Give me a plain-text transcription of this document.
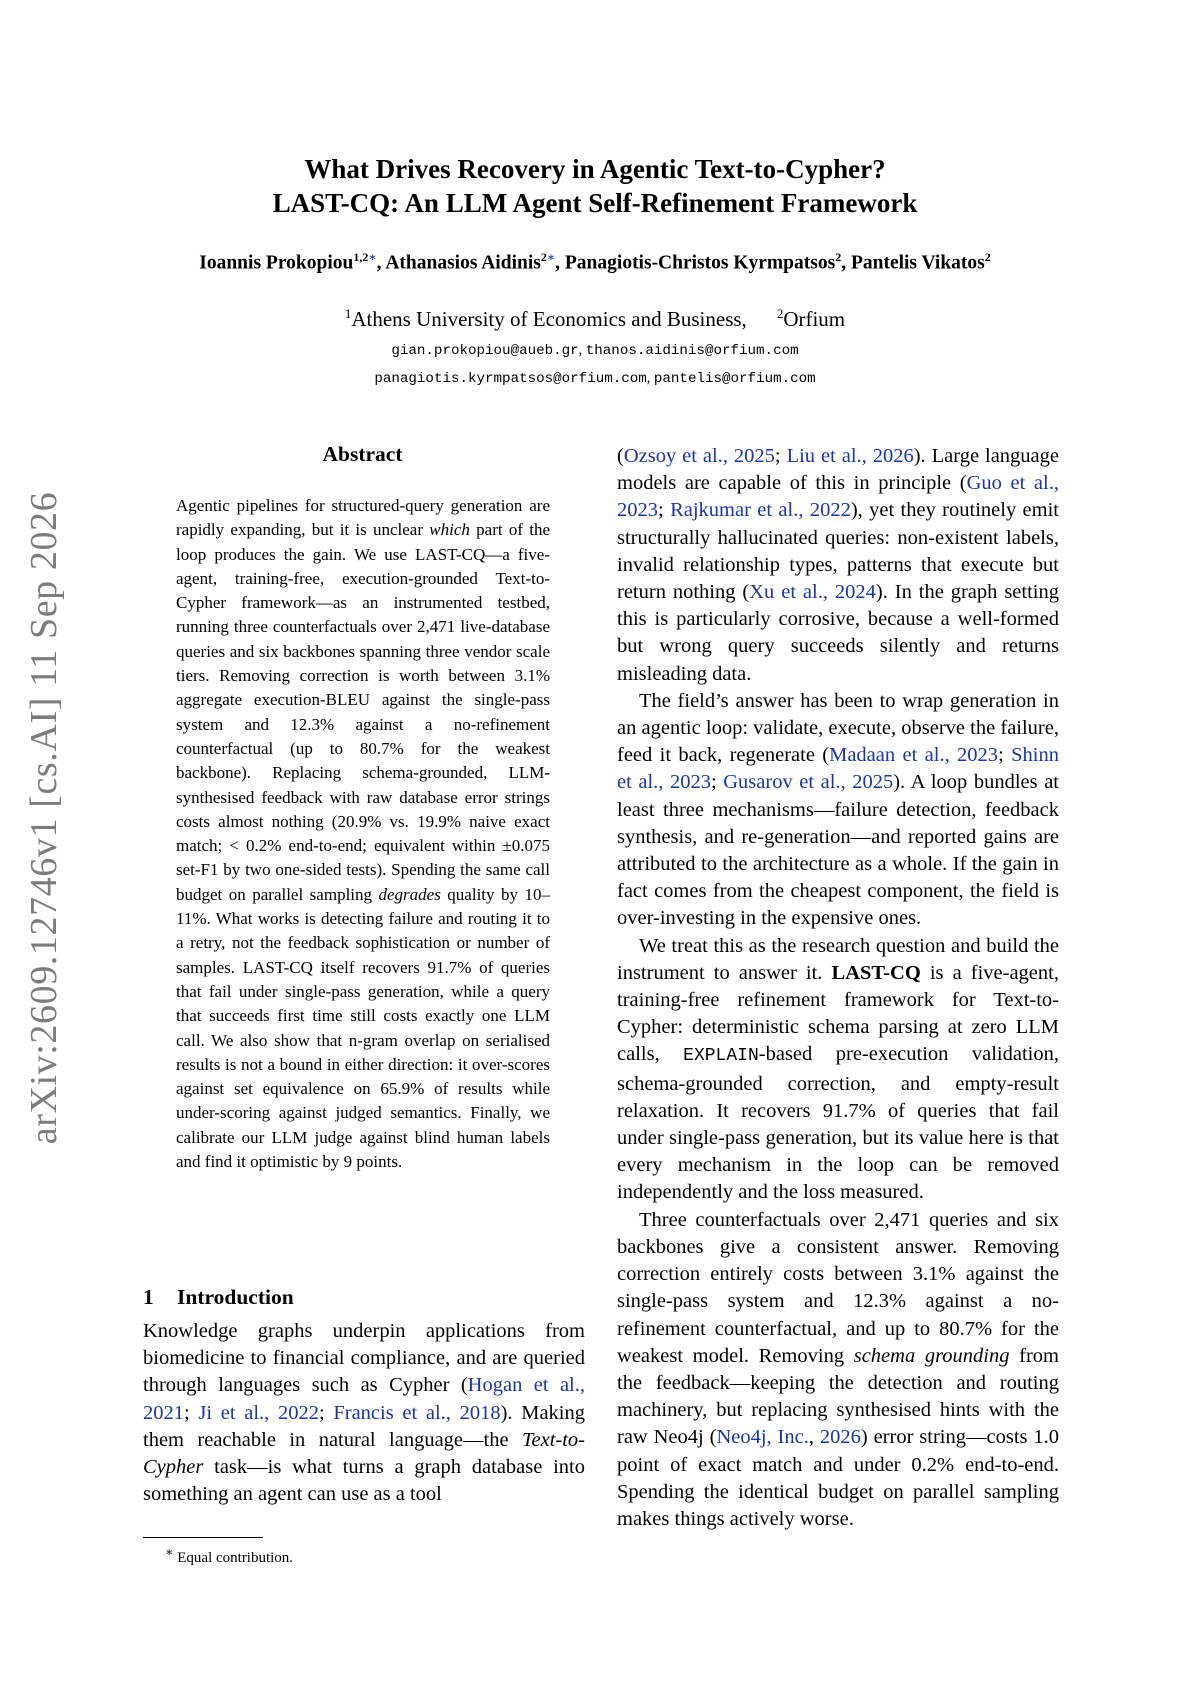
arXiv:2609.12746v1 [cs.AI] 11 Sep 2026
What Drives Recovery in Agentic Text-to-Cypher?
LAST-CQ: An LLM Agent Self-Refinement Framework
Ioannis Prokopiou$^{1,2∗}$, Athanasios Aidinis$^{2∗}$, Panagiotis-Christos Kyrmpatsos$^2$, Pantelis Vikatos$^2$
$^1$Athens University of Economics and Business, $^2$Orfium
gian.prokopiou@aueb.gr, thanos.aidinis@orfium.com
panagiotis.kyrmpatsos@orfium.com, pantelis@orfium.com
Abstract
Agentic pipelines for structured-query generation are rapidly expanding, but it is unclear which part of the loop produces the gain. We use LAST-CQ—a five-agent, training-free, execution-grounded Text-to-Cypher framework—as an instrumented testbed, running three counterfactuals over 2,471 live-database queries and six backbones spanning three vendor scale tiers. Removing correction is worth between 3.1% aggregate execution-BLEU against the single-pass system and 12.3% against a no-refinement counterfactual (up to 80.7% for the weakest backbone). Replacing schema-grounded, LLM-synthesised feedback with raw database error strings costs almost nothing (20.9% vs. 19.9% naive exact match; < 0.2% end-to-end; equivalent within ±0.075 set-F1 by two one-sided tests). Spending the same call budget on parallel sampling degrades quality by 10–11%. What works is detecting failure and routing it to a retry, not the feedback sophistication or number of samples. LAST-CQ itself recovers 91.7% of queries that fail under single-pass generation, while a query that succeeds first time still costs exactly one LLM call. We also show that n-gram overlap on serialised results is not a bound in either direction: it over-scores against set equivalence on 65.9% of results while under-scoring against judged semantics. Finally, we calibrate our LLM judge against blind human labels and find it optimistic by 9 points.
1 Introduction
Knowledge graphs underpin applications from biomedicine to financial compliance, and are queried through languages such as Cypher (Hogan et al., 2021; Ji et al., 2022; Francis et al., 2018). Making them reachable in natural language—the Text-to-Cypher task—is what turns a graph database into something an agent can use as a tool
∗ Equal contribution.

(Ozsoy et al., 2025; Liu et al., 2026). Large language models are capable of this in principle (Guo et al., 2023; Rajkumar et al., 2022), yet they routinely emit structurally hallucinated queries: non-existent labels, invalid relationship types, patterns that execute but return nothing (Xu et al., 2024). In the graph setting this is particularly corrosive, because a well-formed but wrong query succeeds silently and returns misleading data.

The field’s answer has been to wrap generation in an agentic loop: validate, execute, observe the failure, feed it back, regenerate (Madaan et al., 2023; Shinn et al., 2023; Gusarov et al., 2025). A loop bundles at least three mechanisms—failure detection, feedback synthesis, and re-generation—and reported gains are attributed to the architecture as a whole. If the gain in fact comes from the cheapest component, the field is over-investing in the expensive ones.

We treat this as the research question and build the instrument to answer it. LAST-CQ is a five-agent, training-free refinement framework for Text-to-Cypher: deterministic schema parsing at zero LLM calls, EXPLAIN-based pre-execution validation, schema-grounded correction, and empty-result relaxation. It recovers 91.7% of queries that fail under single-pass generation, but its value here is that every mechanism in the loop can be removed independently and the loss measured.

Three counterfactuals over 2,471 queries and six backbones give a consistent answer. Removing correction entirely costs between 3.1% against the single-pass system and 12.3% against a no-refinement counterfactual, and up to 80.7% for the weakest model. Removing schema grounding from the feedback—keeping the detection and routing machinery, but replacing synthesised hints with the raw Neo4j (Neo4j, Inc., 2026) error string—costs 1.0 point of exact match and under 0.2% end-to-end. Spending the identical budget on parallel sampling makes things actively worse.
